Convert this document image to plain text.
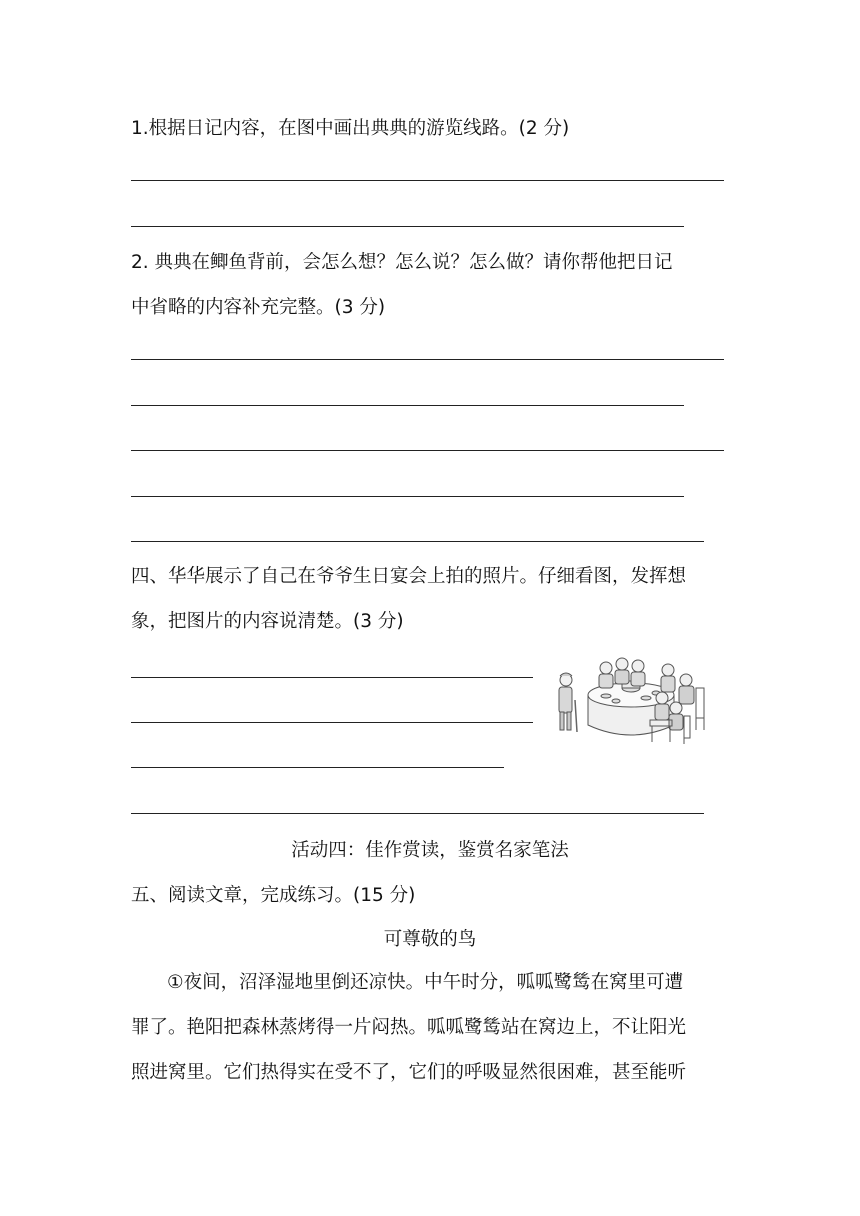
1.根据日记内容，在图中画出典典的游览线路。(2 分)
2. 典典在鲫鱼背前，会怎么想？怎么说？怎么做？请你帮他把日记
中省略的内容补充完整。(3 分)
四、华华展示了自己在爷爷生日宴会上拍的照片。仔细看图，发挥想
象，把图片的内容说清楚。(3 分)
活动四：佳作赏读，鉴赏名家笔法
五、阅读文章，完成练习。(15 分)
可尊敬的鸟
①夜间，沼泽湿地里倒还凉快。中午时分，呱呱鹭鸶在窝里可遭
罪了。艳阳把森林蒸烤得一片闷热。呱呱鹭鸶站在窝边上，不让阳光
照进窝里。它们热得实在受不了，它们的呼吸显然很困难，甚至能听
